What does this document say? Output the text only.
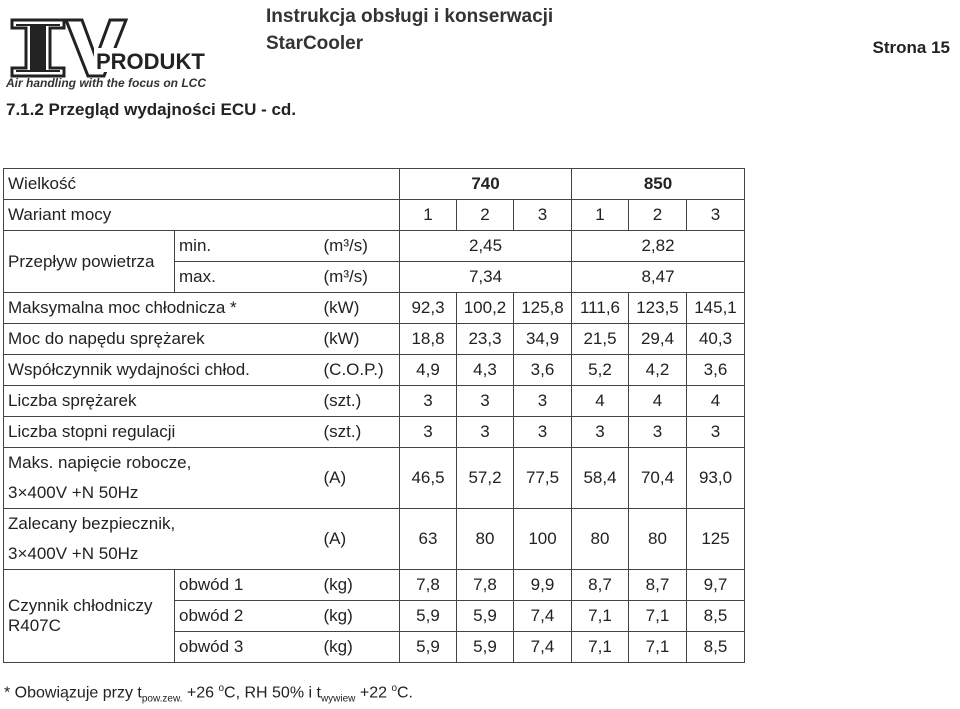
PRODUKT
Air handling with the focus on LCC
Instrukcja obsługi i konserwacji
StarCooler	Strona 15
7.1.2 Przegląd wydajności ECU - cd.
Wielkość			740			850		
Wariant mocy			1	2	3	1	2	3
Przepływ powietrza	min.	(m³/s)	2,45			2,82		
	max.	(m³/s)	7,34			8,47		
Maksymalna moc chłodnicza *		(kW)	92,3	100,2	125,8	111,6	123,5	145,1
Moc do napędu sprężarek		(kW)	18,8	23,3	34,9	21,5	29,4	40,3
Współczynnik wydajności chłod.		(C.O.P.)	4,9	4,3	3,6	5,2	4,2	3,6
Liczba sprężarek		(szt.)	3	3	3	4	4	4
Liczba stopni regulacji		(szt.)	3	3	3	3	3	3
Maks. napięcie robocze,
3×400V +N 50Hz		(A)	46,5	57,2	77,5	58,4	70,4	93,0
Zalecany bezpiecznik,
3×400V +N 50Hz		(A)	63	80	100	80	80	125
Czynnik chłodniczy
R407C	obwód 1	(kg)	7,8	7,8	9,9	8,7	8,7	9,7
	obwód 2	(kg)	5,9	5,9	7,4	7,1	7,1	8,5
	obwód 3	(kg)	5,9	5,9	7,4	7,1	7,1	8,5
* Obowiązuje przy $t_{pow.zew.} +26$ $^o$C, RH 50% i $t_{wywiew} +22$ $^o$C.
